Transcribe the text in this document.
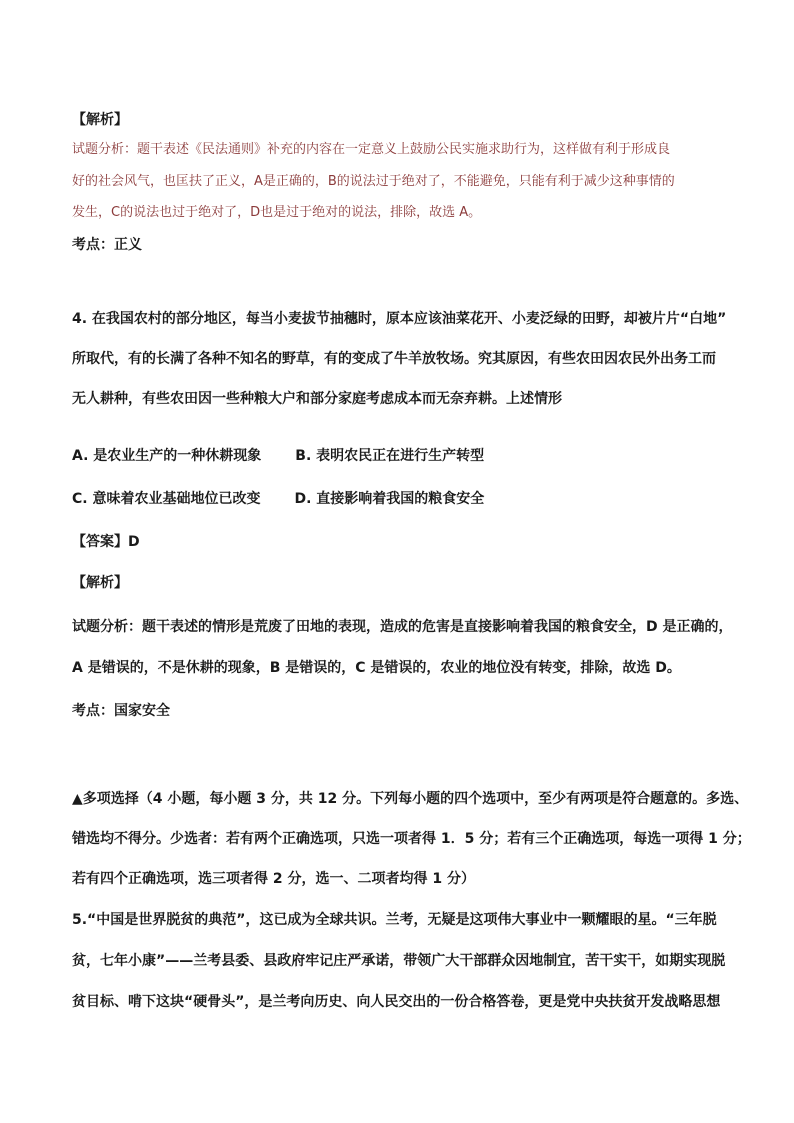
【解析】
试题分析：题干表述《民法通则》补充的内容在一定意义上鼓励公民实施求助行为，这样做有利于形成良
好的社会风气，也匡扶了正义，A是正确的，B的说法过于绝对了，不能避免，只能有利于减少这种事情的
发生，C的说法也过于绝对了，D也是过于绝对的说法，排除，故选 A。
考点：正义
4. 在我国农村的部分地区，每当小麦拔节抽穗时，原本应该油菜花开、小麦泛绿的田野，却被片片“白地”
所取代，有的长满了各种不知名的野草，有的变成了牛羊放牧场。究其原因，有些农田因农民外出务工而
无人耕种，有些农田因一些种粮大户和部分家庭考虑成本而无奈弃耕。上述情形
A. 是农业生产的一种休耕现象 B. 表明农民正在进行生产转型
C. 意味着农业基础地位已改变 D. 直接影响着我国的粮食安全
【答案】D
【解析】
试题分析：题干表述的情形是荒废了田地的表现，造成的危害是直接影响着我国的粮食安全，D 是正确的，
A 是错误的，不是休耕的现象，B 是错误的，C 是错误的，农业的地位没有转变，排除，故选 D。
考点：国家安全
▲多项选择（4 小题，每小题 3 分，共 12 分。下列每小题的四个选项中，至少有两项是符合题意的。多选、
错选均不得分。少选者：若有两个正确选项，只选一项者得 1．5 分；若有三个正确选项，每选一项得 1 分；
若有四个正确选项，选三项者得 2 分，选一、二项者均得 1 分）
5.“中国是世界脱贫的典范”，这已成为全球共识。兰考，无疑是这项伟大事业中一颗耀眼的星。“三年脱
贫，七年小康”——兰考县委、县政府牢记庄严承诺，带领广大干部群众因地制宜，苦干实干，如期实现脱
贫目标、啃下这块“硬骨头”，是兰考向历史、向人民交出的一份合格答卷，更是党中央扶贫开发战略思想
